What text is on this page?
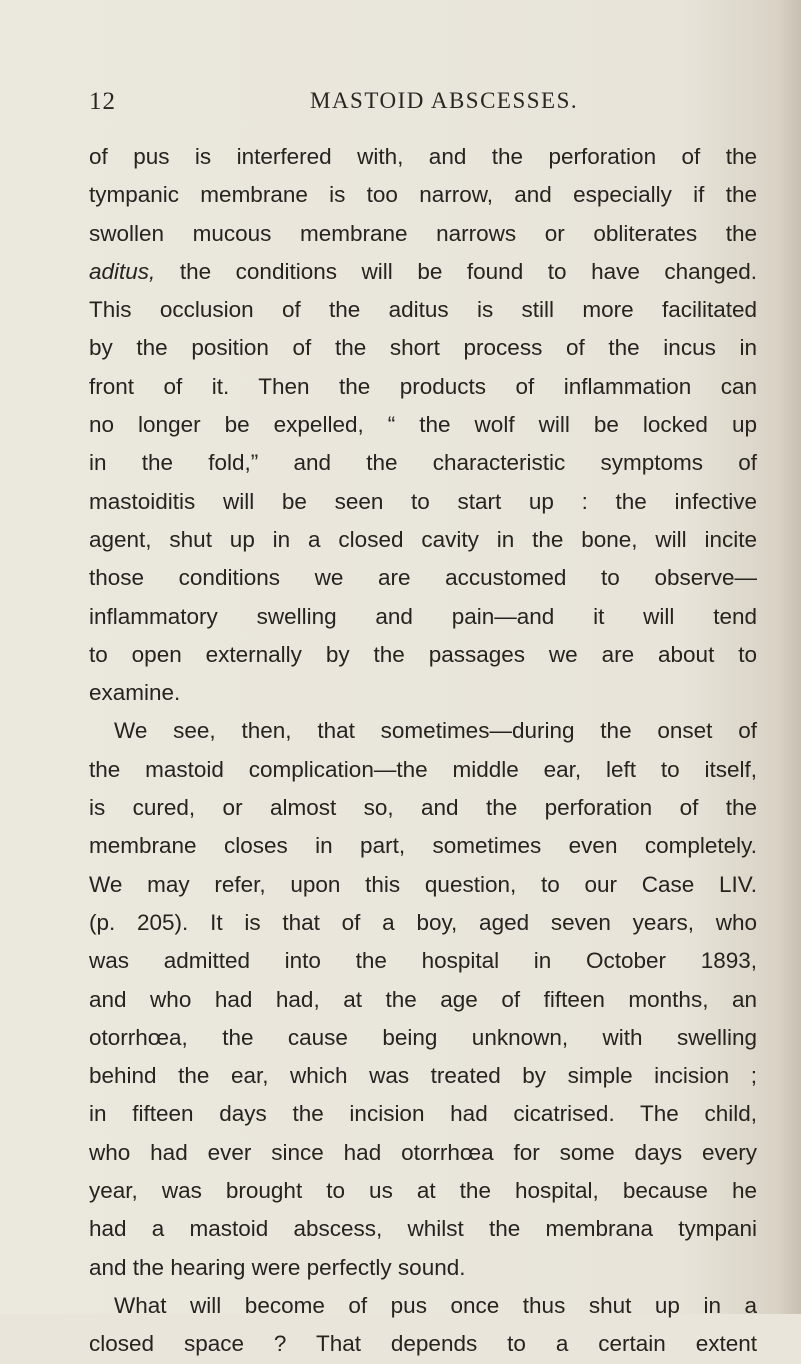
12	MASTOID ABSCESSES.
of pus is interfered with, and the perforation of the
tympanic membrane is too narrow, and especially if the
swollen mucous membrane narrows or obliterates the
aditus, the conditions will be found to have changed.
This occlusion of the aditus is still more facilitated
by the position of the short process of the incus in
front of it. Then the products of inflammation can
no longer be expelled, “ the wolf will be locked up
in the fold,” and the characteristic symptoms of
mastoiditis will be seen to start up : the infective
agent, shut up in a closed cavity in the bone, will incite
those conditions we are accustomed to observe—
inflammatory swelling and pain—and it will tend
to open externally by the passages we are about to
examine.
We see, then, that sometimes—during the onset of
the mastoid complication—the middle ear, left to itself,
is cured, or almost so, and the perforation of the
membrane closes in part, sometimes even completely.
We may refer, upon this question, to our Case LIV.
(p. 205). It is that of a boy, aged seven years, who
was admitted into the hospital in October 1893,
and who had had, at the age of fifteen months, an
otorrhœa, the cause being unknown, with swelling
behind the ear, which was treated by simple incision ;
in fifteen days the incision had cicatrised. The child,
who had ever since had otorrhœa for some days every
year, was brought to us at the hospital, because he
had a mastoid abscess, whilst the membrana tympani
and the hearing were perfectly sound.
What will become of pus once thus shut up in a
closed space ? That depends to a certain extent
